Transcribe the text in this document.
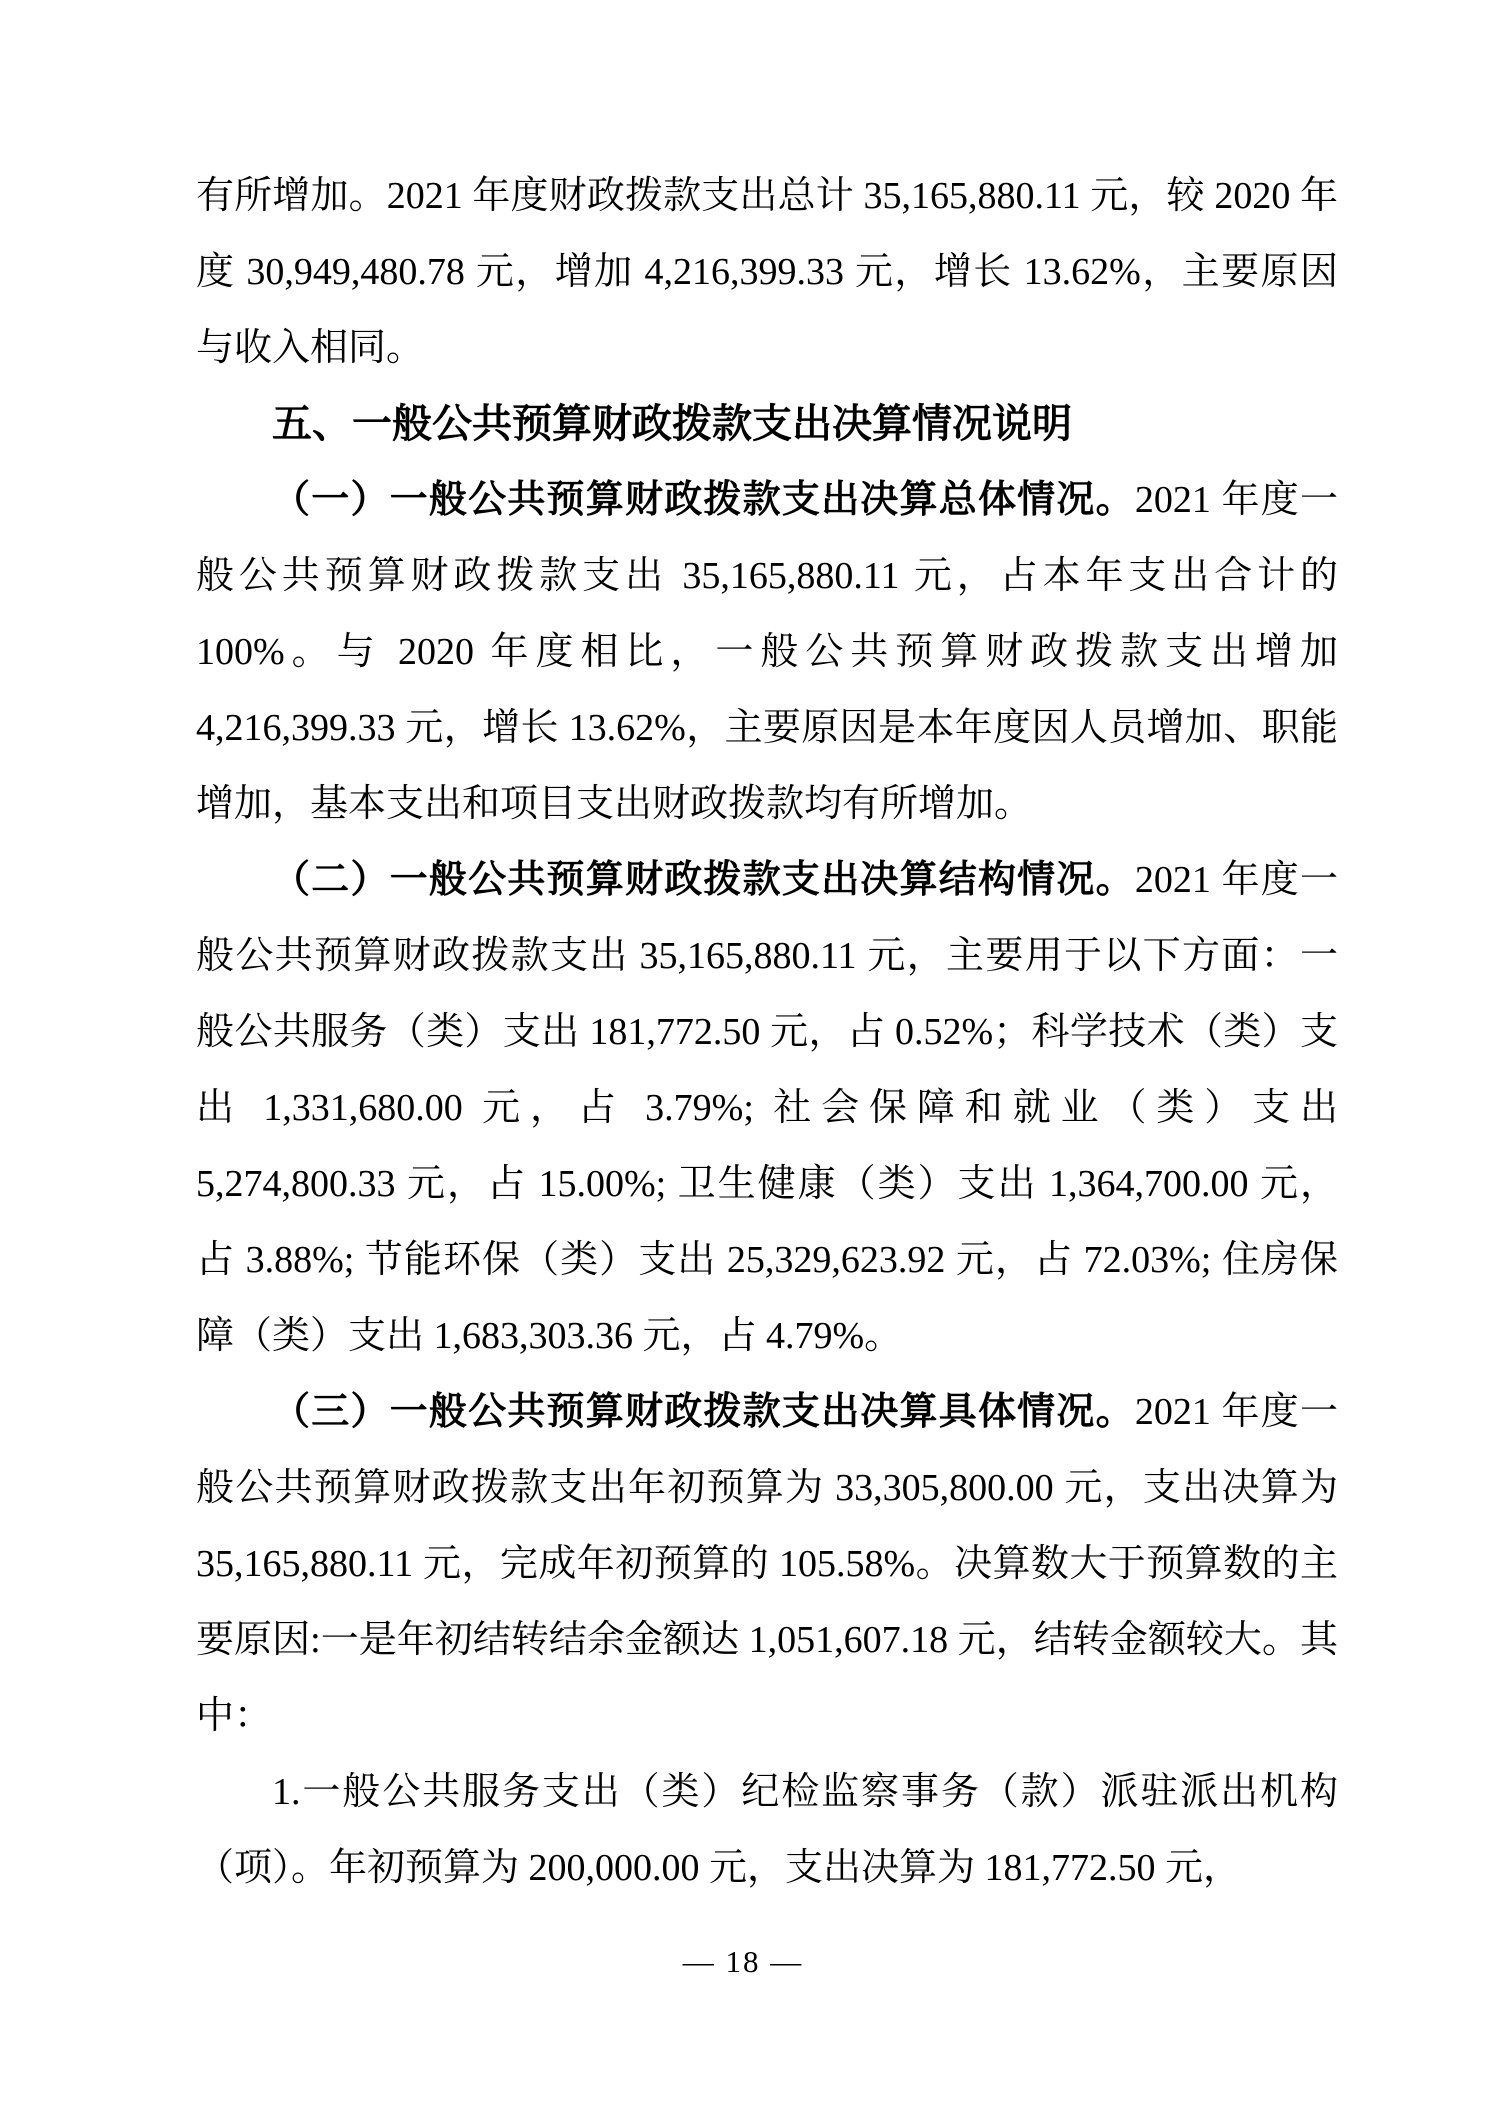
有所增加。2021 年度财政拨款支出总计 35,165,880.11 元，较 2020 年度 30,949,480.78 元，增加 4,216,399.33 元，增长 13.62%，主要原因与收入相同。

五、一般公共预算财政拨款支出决算情况说明

（一）一般公共预算财政拨款支出决算总体情况。2021 年度一般公共预算财政拨款支出 35,165,880.11 元，占本年支出合计的 100%。与 2020 年度相比，一般公共预算财政拨款支出增加 4,216,399.33 元，增长 13.62%，主要原因是本年度因人员增加、职能增加，基本支出和项目支出财政拨款均有所增加。

（二）一般公共预算财政拨款支出决算结构情况。2021 年度一般公共预算财政拨款支出 35,165,880.11 元，主要用于以下方面：一般公共服务（类）支出 181,772.50 元，占 0.52%；科学技术（类）支出 1,331,680.00 元，占 3.79%; 社会保障和就业（类）支出 5,274,800.33 元，占 15.00%; 卫生健康（类）支出 1,364,700.00 元，占 3.88%; 节能环保（类）支出 25,329,623.92 元，占 72.03%; 住房保障（类）支出 1,683,303.36 元，占 4.79%。

（三）一般公共预算财政拨款支出决算具体情况。2021 年度一般公共预算财政拨款支出年初预算为 33,305,800.00 元，支出决算为 35,165,880.11 元，完成年初预算的 105.58%。决算数大于预算数的主要原因:一是年初结转结余金额达 1,051,607.18 元，结转金额较大。其中：

1.一般公共服务支出（类）纪检监察事务（款）派驻派出机构（项）。年初预算为 200,000.00 元，支出决算为 181,772.50 元，

— 18 —
